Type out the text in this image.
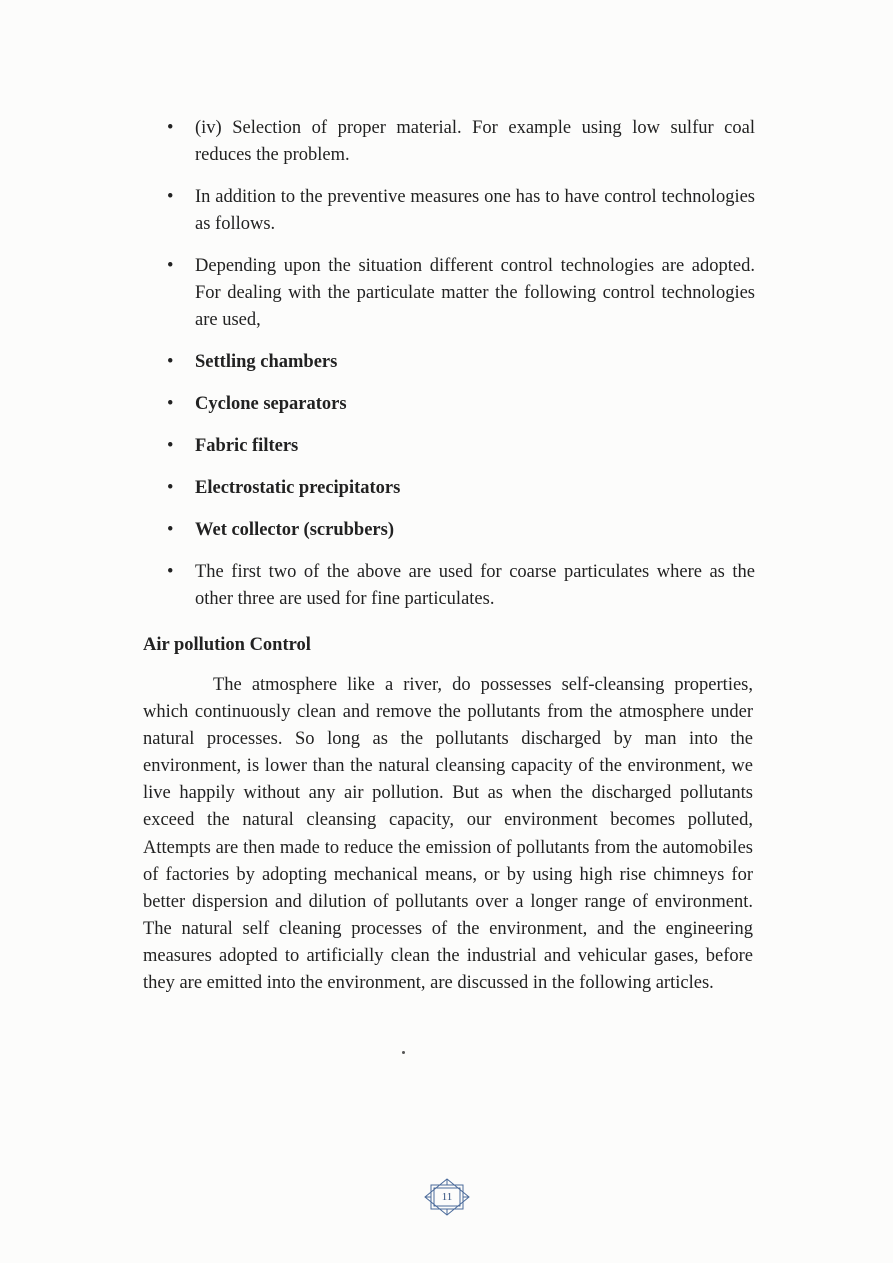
• (iv) Selection of proper material. For example using low sulfur coal reduces the problem.
• In addition to the preventive measures one has to have control technologies as follows.
• Depending upon the situation different control technologies are adopted. For dealing with the particulate matter the following control technologies are used,
• Settling chambers
• Cyclone separators
• Fabric filters
• Electrostatic precipitators
• Wet collector (scrubbers)
• The first two of the above are used for coarse particulates where as the other three are used for fine particulates.
Air pollution Control

The atmosphere like a river, do possesses self-cleansing properties, which continuously clean and remove the pollutants from the atmosphere under natural processes. So long as the pollutants discharged by man into the environment, is lower than the natural cleansing capacity of the environment, we live happily without any air pollution. But as when the discharged pollutants exceed the natural cleansing capacity, our environment becomes polluted, Attempts are then made to reduce the emission of pollutants from the automobiles of factories by adopting mechanical means, or by using high rise chimneys for better dispersion and dilution of pollutants over a longer range of environment. The natural self cleaning processes of the environment, and the engineering measures adopted to artificially clean the industrial and vehicular gases, before they are emitted into the environment, are discussed in the following articles.

11
